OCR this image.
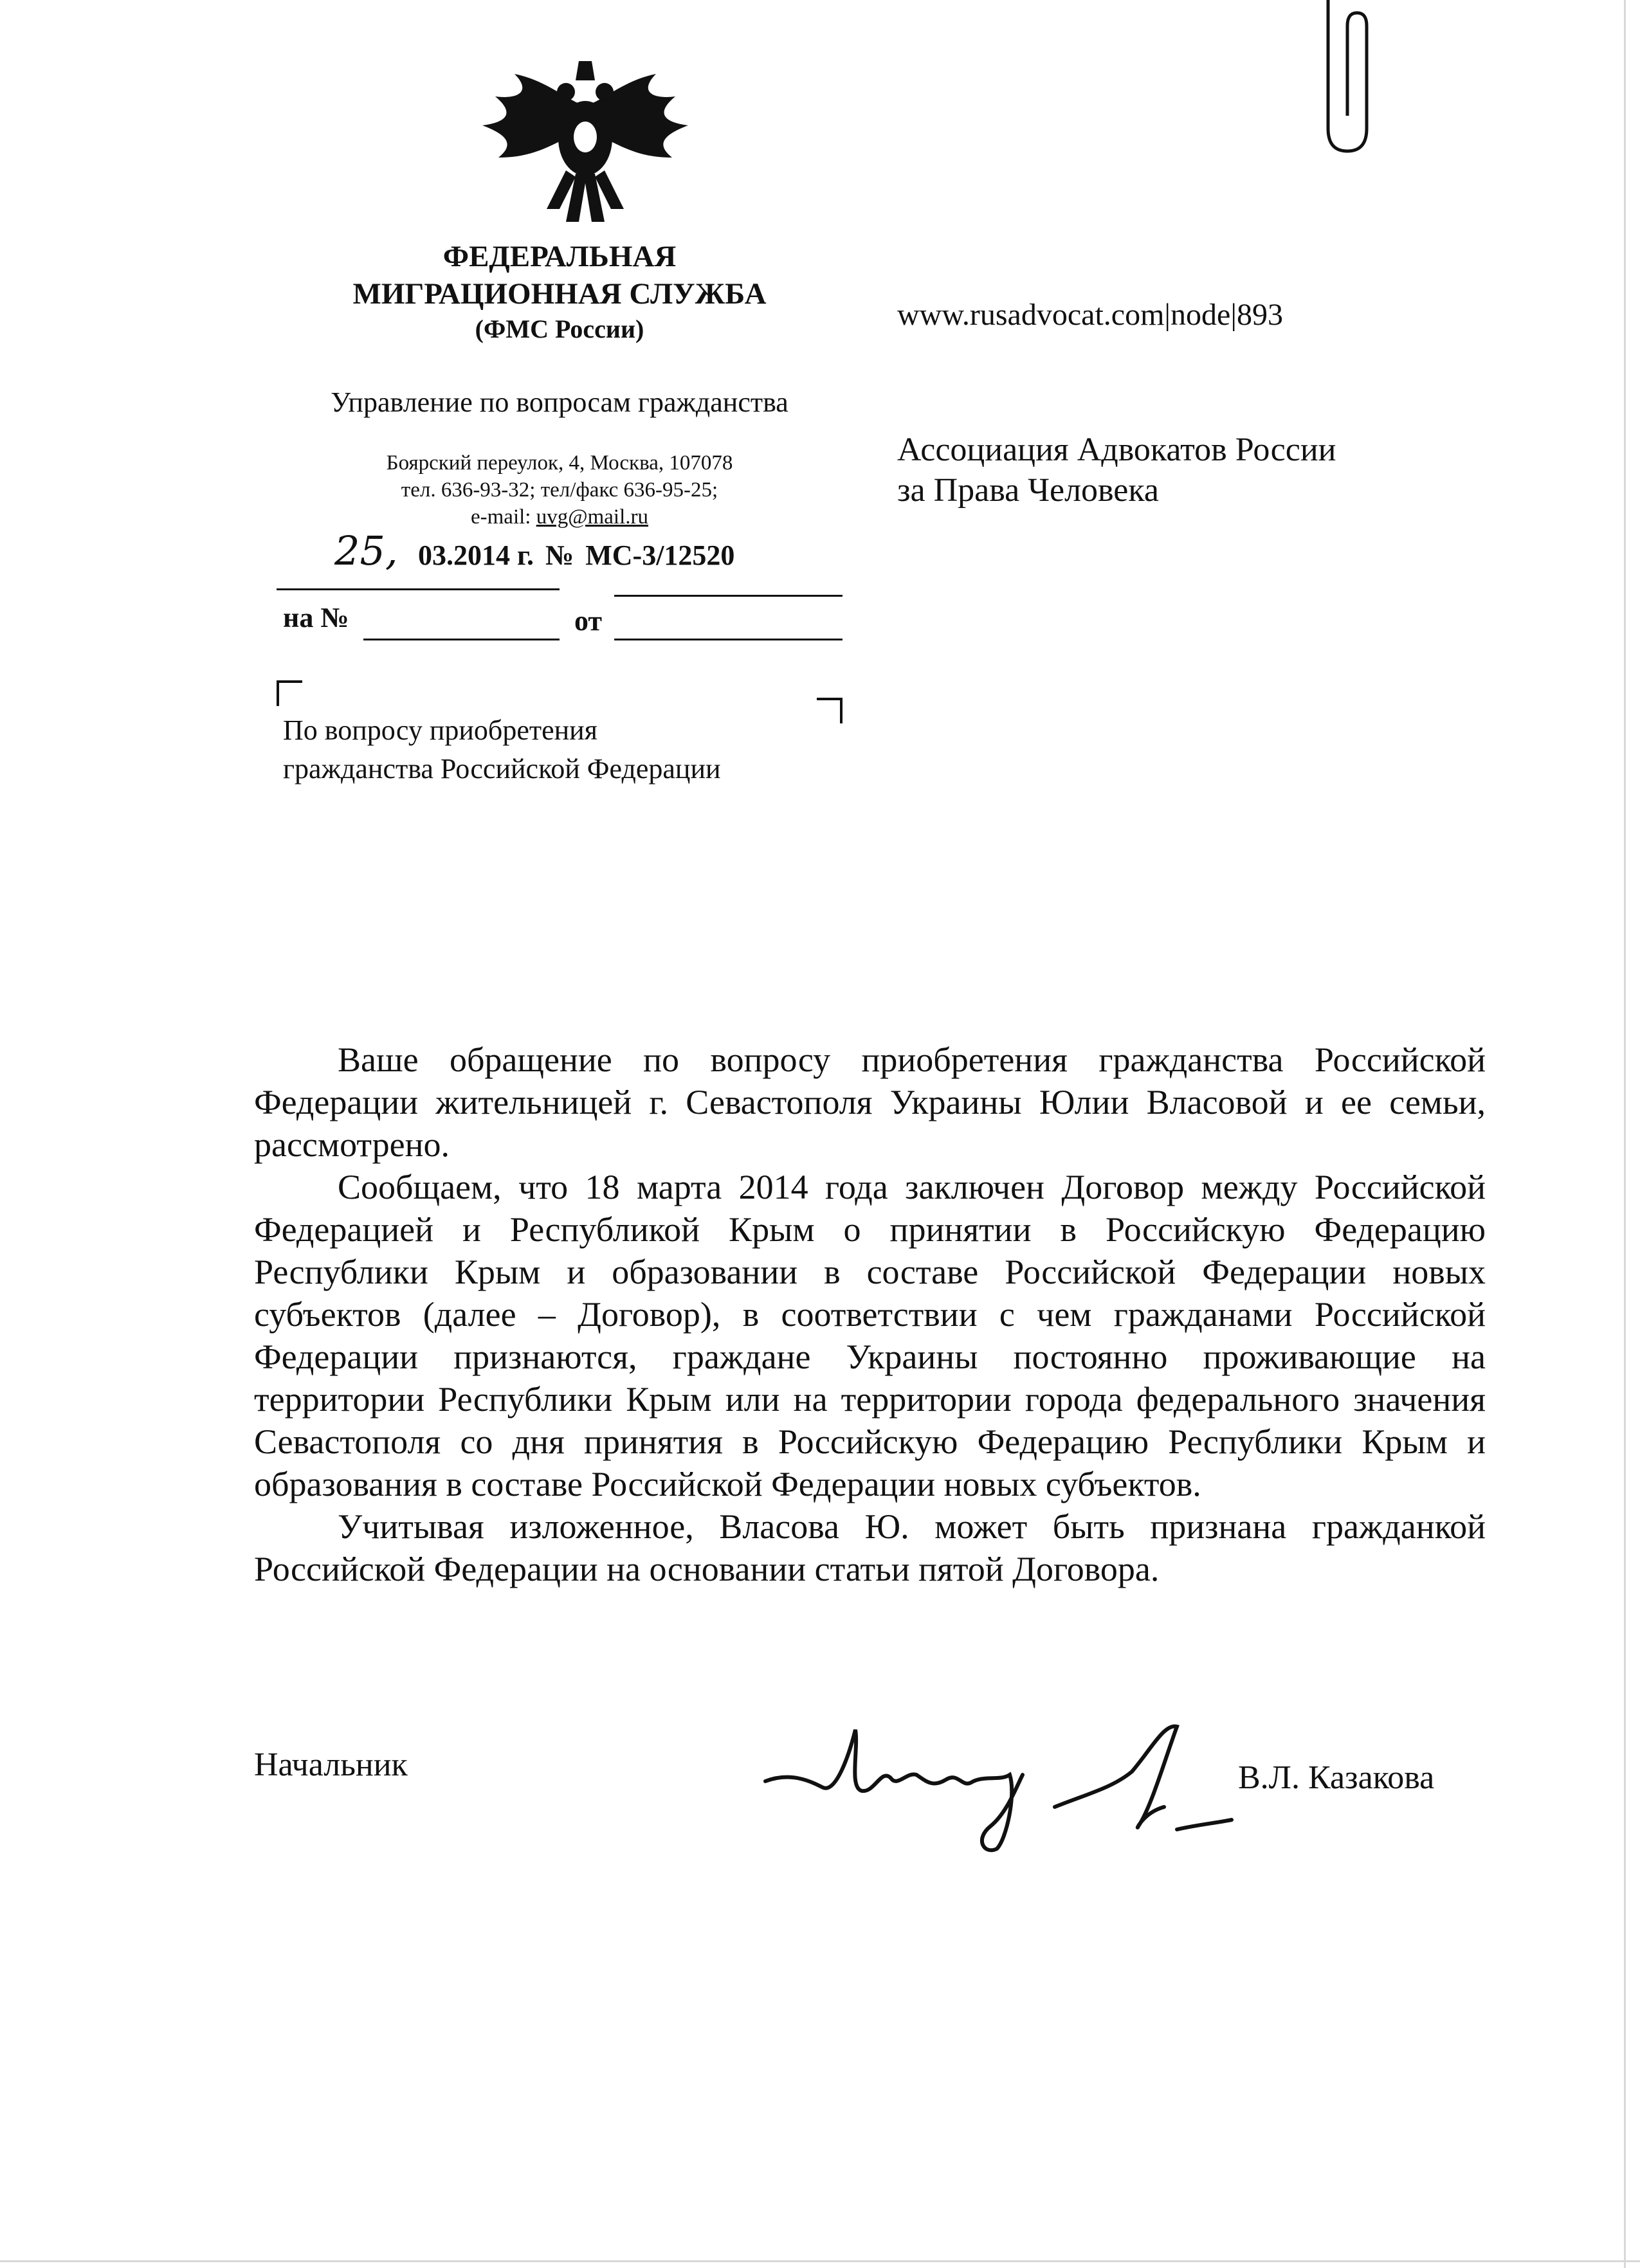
ФЕДЕРАЛЬНАЯ
МИГРАЦИОННАЯ СЛУЖБА
(ФМС России)
Управление по вопросам гражданства
Боярский переулок, 4, Москва, 107078
тел. 636-93-32; тел/факс 636-95-25;
e-mail: uvg@mail.ru
25, 03.2014 г. № МС-3/12520
на №	от
По вопросу приобретения
гражданства Российской Федерации
www.rusadvocat.com|node|893
Ассоциация Адвокатов России
за Права Человека

Ваше обращение по вопросу приобретения гражданства Российской Федерации жительницей г. Севастополя Украины Юлии Власовой и ее семьи, рассмотрено.

Сообщаем, что 18 марта 2014 года заключен Договор между Российской Федерацией и Республикой Крым о принятии в Российскую Федерацию Республики Крым и образовании в составе Российской Федерации новых субъектов (далее – Договор), в соответствии с чем гражданами Российской Федерации признаются, граждане Украины постоянно проживающие на территории Республики Крым или на территории города федерального значения Севастополя со дня принятия в Российскую Федерацию Республики Крым и образования в составе Российской Федерации новых субъектов.

Учитывая изложенное, Власова Ю. может быть признана гражданкой Российской Федерации на основании статьи пятой Договора.

Начальник	В.Л. Казакова
